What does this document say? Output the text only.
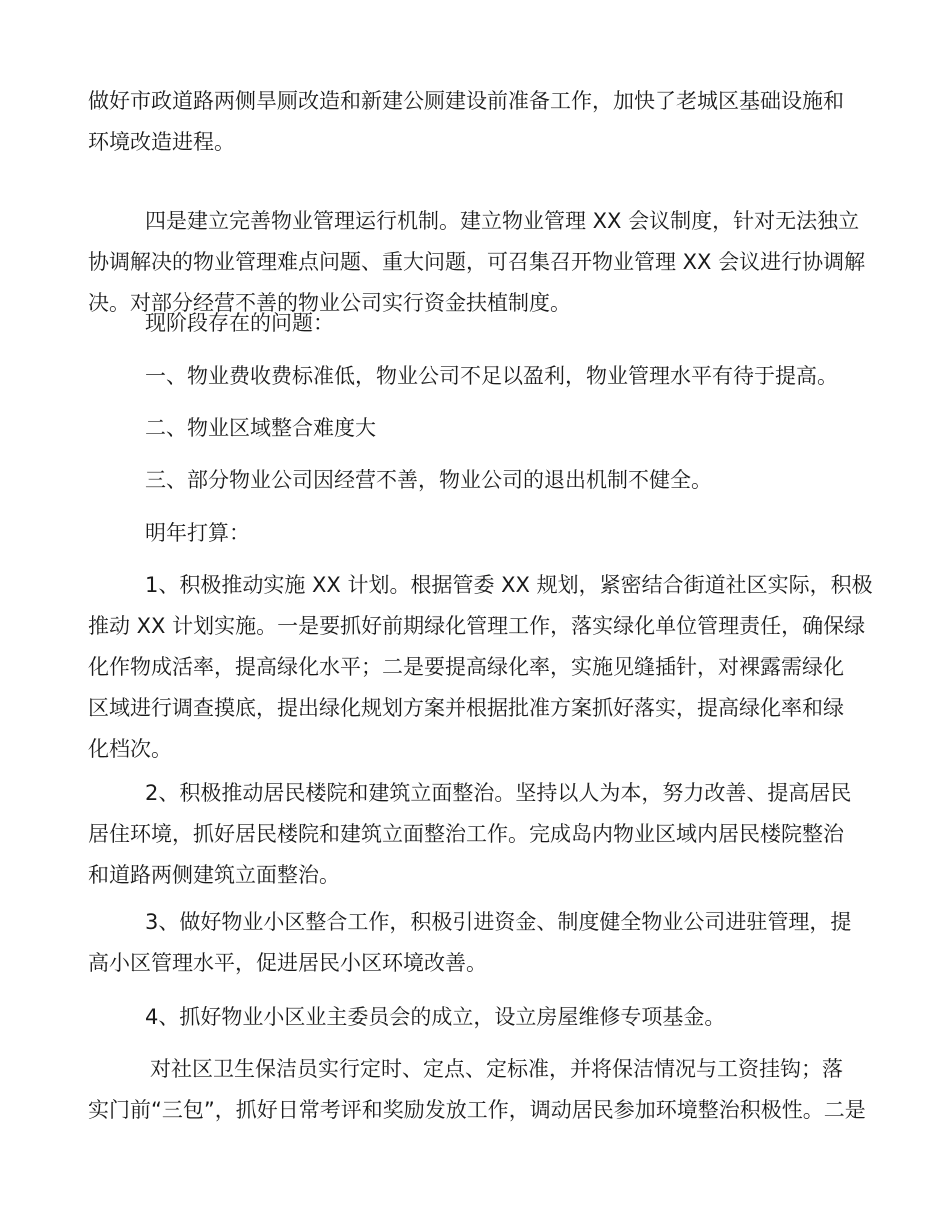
做好市政道路两侧旱厕改造和新建公厕建设前准备工作，加快了老城区基础设施和
环境改造进程。

四是建立完善物业管理运行机制。建立物业管理 XX 会议制度，针对无法独立
协调解决的物业管理难点问题、重大问题，可召集召开物业管理 XX 会议进行协调解
决。对部分经营不善的物业公司实行资金扶植制度。

现阶段存在的问题：

一、物业费收费标准低，物业公司不足以盈利，物业管理水平有待于提高。

二、物业区域整合难度大

三、部分物业公司因经营不善，物业公司的退出机制不健全。

明年打算：

1、积极推动实施 XX 计划。根据管委 XX 规划，紧密结合街道社区实际，积极
推动 XX 计划实施。一是要抓好前期绿化管理工作，落实绿化单位管理责任，确保绿
化作物成活率，提高绿化水平；二是要提高绿化率，实施见缝插针，对裸露需绿化
区域进行调查摸底，提出绿化规划方案并根据批准方案抓好落实，提高绿化率和绿
化档次。

2、积极推动居民楼院和建筑立面整治。坚持以人为本，努力改善、提高居民
居住环境，抓好居民楼院和建筑立面整治工作。完成岛内物业区域内居民楼院整治
和道路两侧建筑立面整治。

3、做好物业小区整合工作，积极引进资金、制度健全物业公司进驻管理，提
高小区管理水平，促进居民小区环境改善。

4、抓好物业小区业主委员会的成立，设立房屋维修专项基金。

对社区卫生保洁员实行定时、定点、定标准，并将保洁情况与工资挂钩；落
实门前“三包”，抓好日常考评和奖励发放工作，调动居民参加环境整治积极性。二是
